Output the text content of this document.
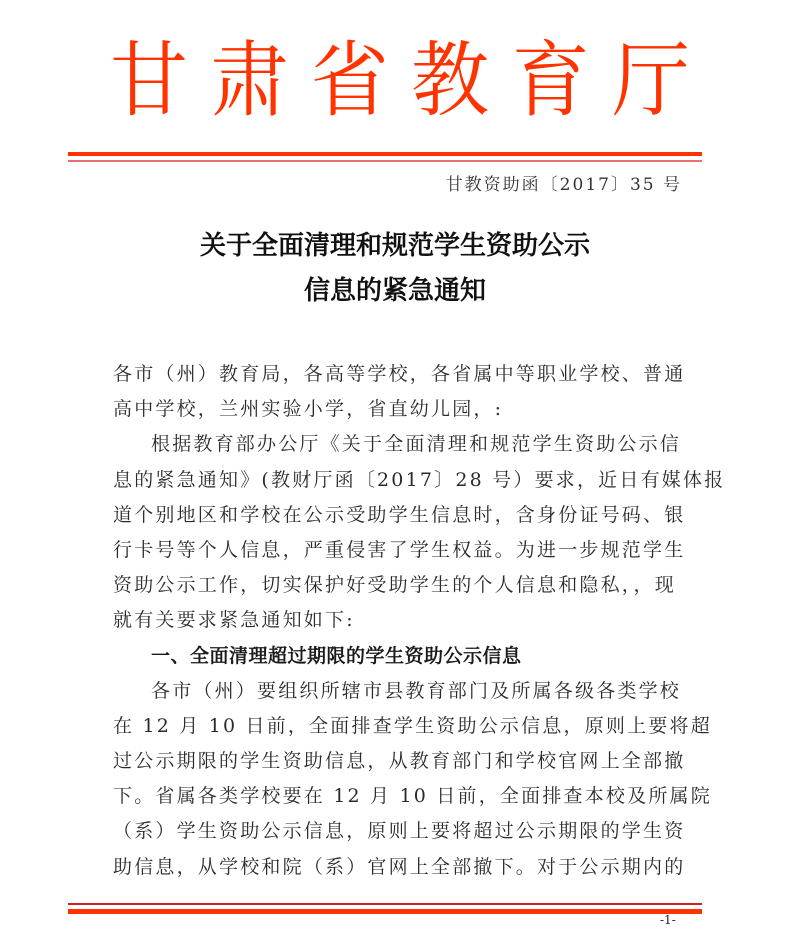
甘 肃 省 教 育 厅
甘教资助函〔2017〕35 号
关于全面清理和规范学生资助公示
信息的紧急通知
各市（州）教育局，各高等学校，各省属中等职业学校、普通
高中学校，兰州实验小学，省直幼儿园，:
根据教育部办公厅《关于全面清理和规范学生资助公示信
息的紧急通知》(教财厅函〔2017〕28 号）要求，近日有媒体报
道个别地区和学校在公示受助学生信息时，含身份证号码、银
行卡号等个人信息，严重侵害了学生权益。为进一步规范学生
资助公示工作，切实保护好受助学生的个人信息和隐私，，现
就有关要求紧急通知如下:
一、全面清理超过期限的学生资助公示信息
各市（州）要组织所辖市县教育部门及所属各级各类学校
在 12 月 10 日前，全面排查学生资助公示信息，原则上要将超
过公示期限的学生资助信息，从教育部门和学校官网上全部撤
下。省属各类学校要在 12 月 10 日前，全面排查本校及所属院
（系）学生资助公示信息，原则上要将超过公示期限的学生资
助信息，从学校和院（系）官网上全部撤下。对于公示期内的
-1-
